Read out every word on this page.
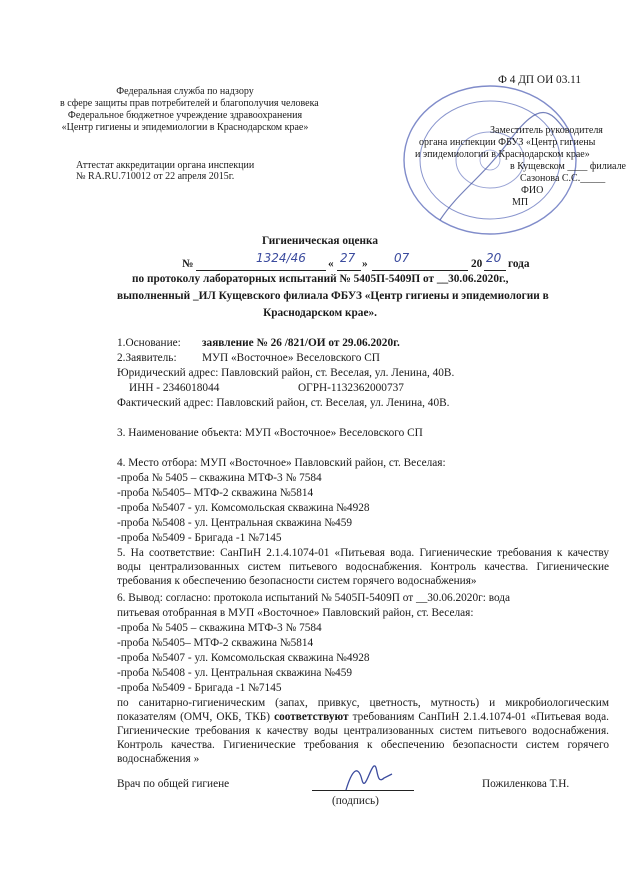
Ф 4 ДП ОИ 03.11
Федеральная служба по надзору
в сфере защиты прав потребителей и благополучия человека
Федеральное бюджетное учреждение здравоохранения
«Центр гигиены и эпидемиологии в Краснодарском крае»
Аттестат аккредитации органа инспекции
№ RA.RU.710012 от 22 апреля 2015г.
Заместитель руководителя
органа инспекции ФБУЗ «Центр гигиены
и эпидемиологии в Краснодарском крае»
в Кущевском ____ филиале
Сазонова С.С._____
ФИО
МП
Гигиеническая оценка
№	1324/46 « 27 » 07	20 20 года
по протоколу лабораторных испытаний № 5405П-5409П от __30.06.2020г.,
выполненный _ИЛ Кущевского филиала ФБУЗ «Центр гигиены и эпидемиологии в
Краснодарском крае».
1.Основание: заявление № 26 /821/ОИ от 29.06.2020г.
2.Заявитель: МУП «Восточное» Веселовского СП
Юридический адрес: Павловский район, ст. Веселая, ул. Ленина, 40В.
ИНН - 2346018044	ОГРН-1132362000737
Фактический адрес: Павловский район, ст. Веселая, ул. Ленина, 40В.
3. Наименование объекта: МУП «Восточное» Веселовского СП
4. Место отбора: МУП «Восточное» Павловский район, ст. Веселая:
-проба № 5405 – скважина МТФ-3 № 7584
-проба №5405– МТФ-2 скважина №5814
-проба №5407 - ул. Комсомольская скважина №4928
-проба №5408 - ул. Центральная скважина №459
-проба №5409 - Бригада -1 №7145
5. На соответствие: СанПиН 2.1.4.1074-01 «Питьевая вода. Гигиенические требования к качеству воды централизованных систем питьевого водоснабжения. Контроль качества. Гигиенические требования к обеспечению безопасности систем горячего водоснабжения»
6. Вывод: согласно: протокола испытаний № 5405П-5409П от __30.06.2020г: вода
питьевая отобранная в МУП «Восточное» Павловский район, ст. Веселая:
-проба № 5405 – скважина МТФ-3 № 7584
-проба №5405– МТФ-2 скважина №5814
-проба №5407 - ул. Комсомольская скважина №4928
-проба №5408 - ул. Центральная скважина №459
-проба №5409 - Бригада -1 №7145
по санитарно-гигиеническим (запах, привкус, цветность, мутность) и микробиологическим показателям (ОМЧ, ОКБ, ТКБ) соответствуют требованиям СанПиН 2.1.4.1074-01 «Питьевая вода. Гигиенические требования к качеству воды централизованных систем питьевого водоснабжения. Контроль качества. Гигиенические требования к обеспечению безопасности систем горячего водоснабжения »
Врач по общей гигиене	Пожиленкова Т.Н.
(подпись)
